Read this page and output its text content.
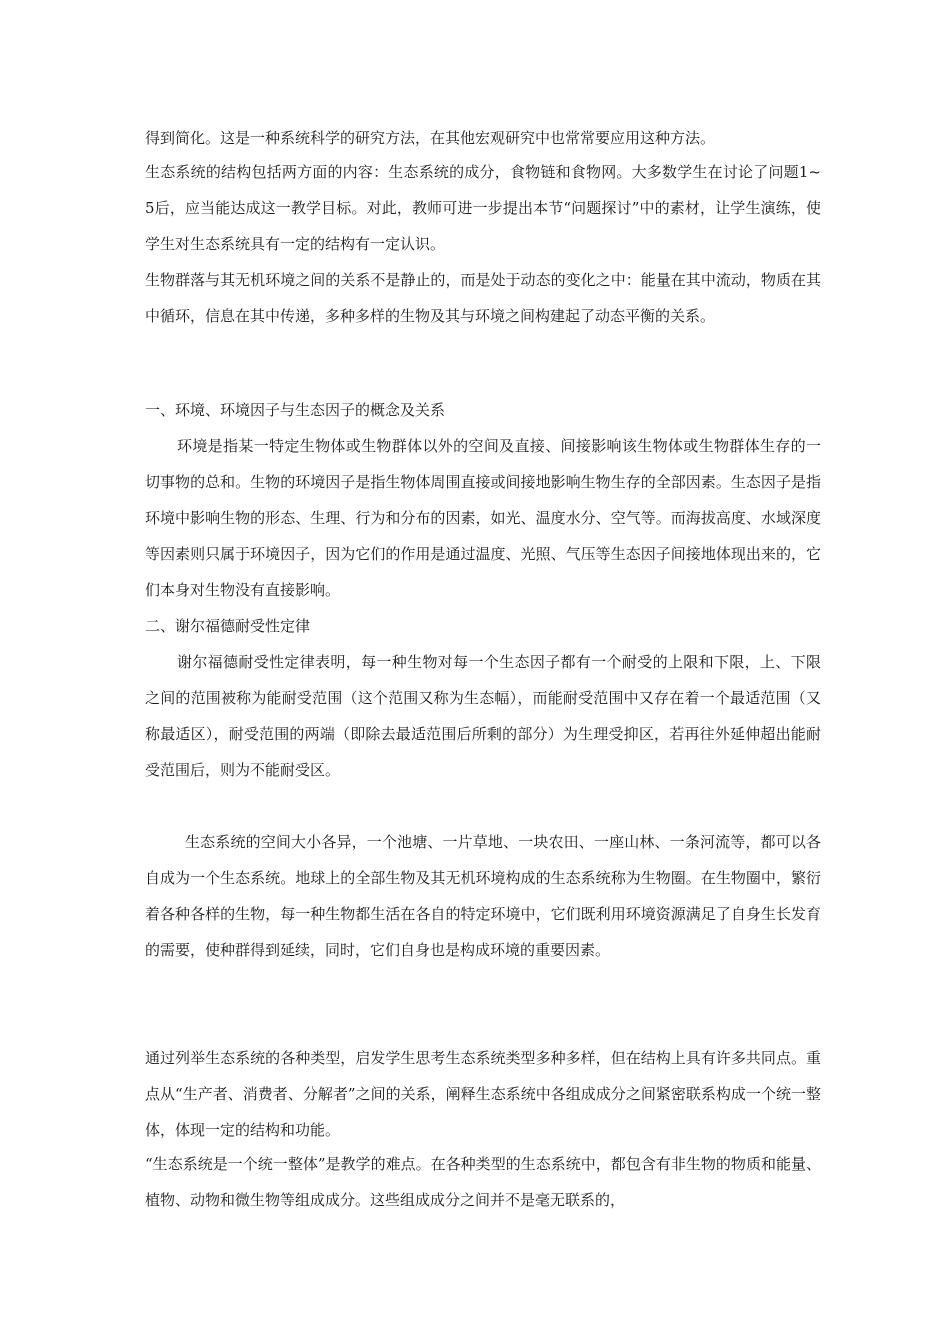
得到简化。这是一种系统科学的研究方法，在其他宏观研究中也常常要应用这种方法。

生态系统的结构包括两方面的内容：生态系统的成分，食物链和食物网。大多数学生在讨论了问题1~5后，应当能达成这一教学目标。对此，教师可进一步提出本节“问题探讨”中的素材，让学生演练，使学生对生态系统具有一定的结构有一定认识。

生物群落与其无机环境之间的关系不是静止的，而是处于动态的变化之中：能量在其中流动，物质在其中循环，信息在其中传递，多种多样的生物及其与环境之间构建起了动态平衡的关系。

一、环境、环境因子与生态因子的概念及关系

环境是指某一特定生物体或生物群体以外的空间及直接、间接影响该生物体或生物群体生存的一切事物的总和。生物的环境因子是指生物体周围直接或间接地影响生物生存的全部因素。生态因子是指环境中影响生物的形态、生理、行为和分布的因素，如光、温度水分、空气等。而海拔高度、水域深度等因素则只属于环境因子，因为它们的作用是通过温度、光照、气压等生态因子间接地体现出来的，它们本身对生物没有直接影响。

二、谢尔福德耐受性定律

谢尔福德耐受性定律表明，每一种生物对每一个生态因子都有一个耐受的上限和下限，上、下限之间的范围被称为能耐受范围（这个范围又称为生态幅），而能耐受范围中又存在着一个最适范围（又称最适区），耐受范围的两端（即除去最适范围后所剩的部分）为生理受抑区，若再往外延伸超出能耐受范围后，则为不能耐受区。

生态系统的空间大小各异，一个池塘、一片草地、一块农田、一座山林、一条河流等，都可以各自成为一个生态系统。地球上的全部生物及其无机环境构成的生态系统称为生物圈。在生物圈中，繁衍着各种各样的生物，每一种生物都生活在各自的特定环境中，它们既利用环境资源满足了自身生长发育的需要，使种群得到延续，同时，它们自身也是构成环境的重要因素。

通过列举生态系统的各种类型，启发学生思考生态系统类型多种多样，但在结构上具有许多共同点。重点从“生产者、消费者、分解者”之间的关系，阐释生态系统中各组成成分之间紧密联系构成一个统一整体，体现一定的结构和功能。

“生态系统是一个统一整体”是教学的难点。在各种类型的生态系统中，都包含有非生物的物质和能量、植物、动物和微生物等组成成分。这些组成成分之间并不是毫无联系的，
